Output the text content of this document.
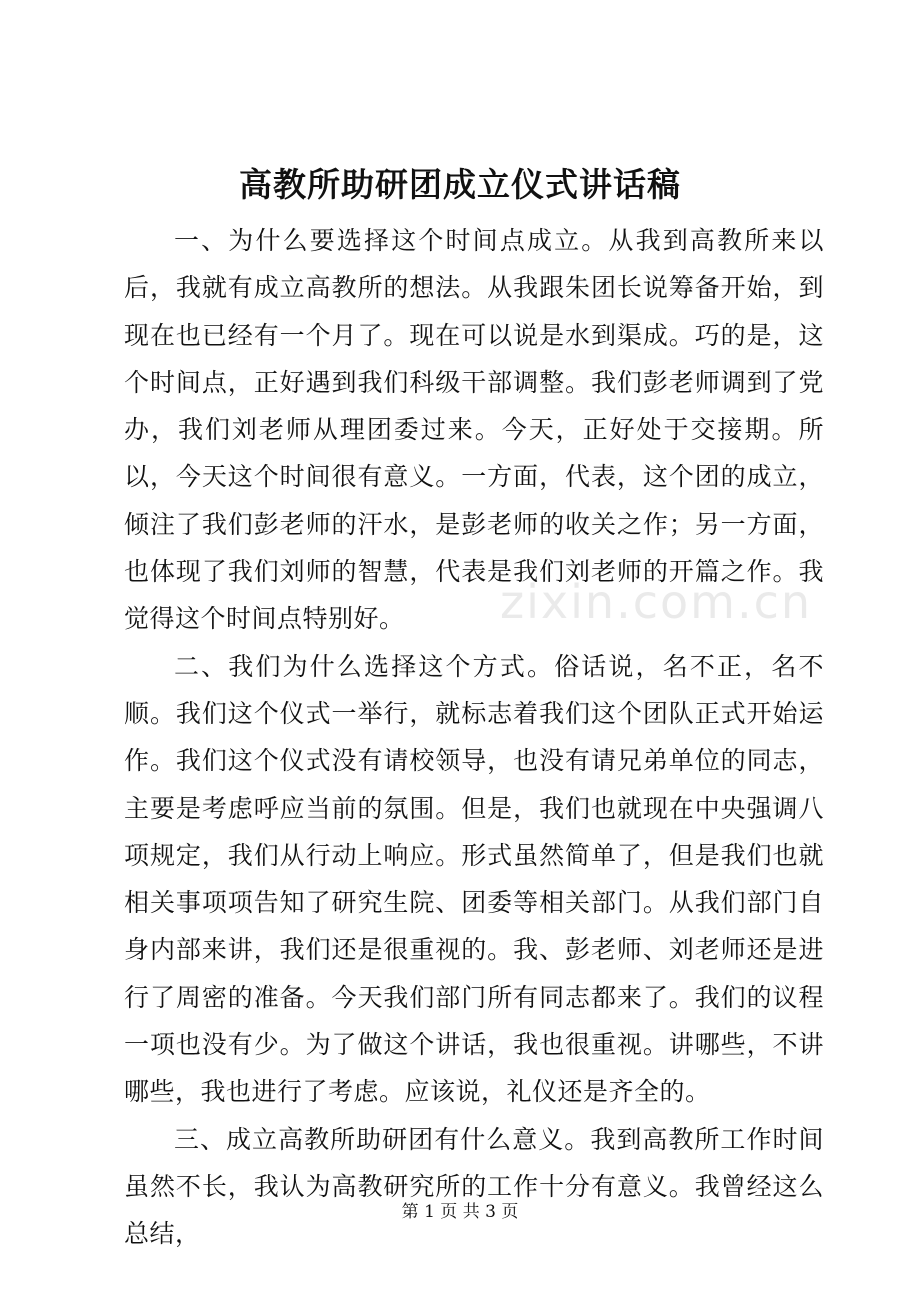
高教所助研团成立仪式讲话稿

一、为什么要选择这个时间点成立。从我到高教所来以后，我就有成立高教所的想法。从我跟朱团长说筹备开始，到现在也已经有一个月了。现在可以说是水到渠成。巧的是，这个时间点，正好遇到我们科级干部调整。我们彭老师调到了党办，我们刘老师从理团委过来。今天，正好处于交接期。所以，今天这个时间很有意义。一方面，代表，这个团的成立，倾注了我们彭老师的汗水，是彭老师的收关之作；另一方面，也体现了我们刘师的智慧，代表是我们刘老师的开篇之作。我觉得这个时间点特别好。

二、我们为什么选择这个方式。俗话说，名不正，名不顺。我们这个仪式一举行，就标志着我们这个团队正式开始运作。我们这个仪式没有请校领导，也没有请兄弟单位的同志，主要是考虑呼应当前的氛围。但是，我们也就现在中央强调八项规定，我们从行动上响应。形式虽然简单了，但是我们也就相关事项项告知了研究生院、团委等相关部门。从我们部门自身内部来讲，我们还是很重视的。我、彭老师、刘老师还是进行了周密的准备。今天我们部门所有同志都来了。我们的议程一项也没有少。为了做这个讲话，我也很重视。讲哪些，不讲哪些，我也进行了考虑。应该说，礼仪还是齐全的。

三、成立高教所助研团有什么意义。我到高教所工作时间虽然不长，我认为高教研究所的工作十分有意义。我曾经这么总结，

zixin.com.cn
第 1 页 共 3 页
